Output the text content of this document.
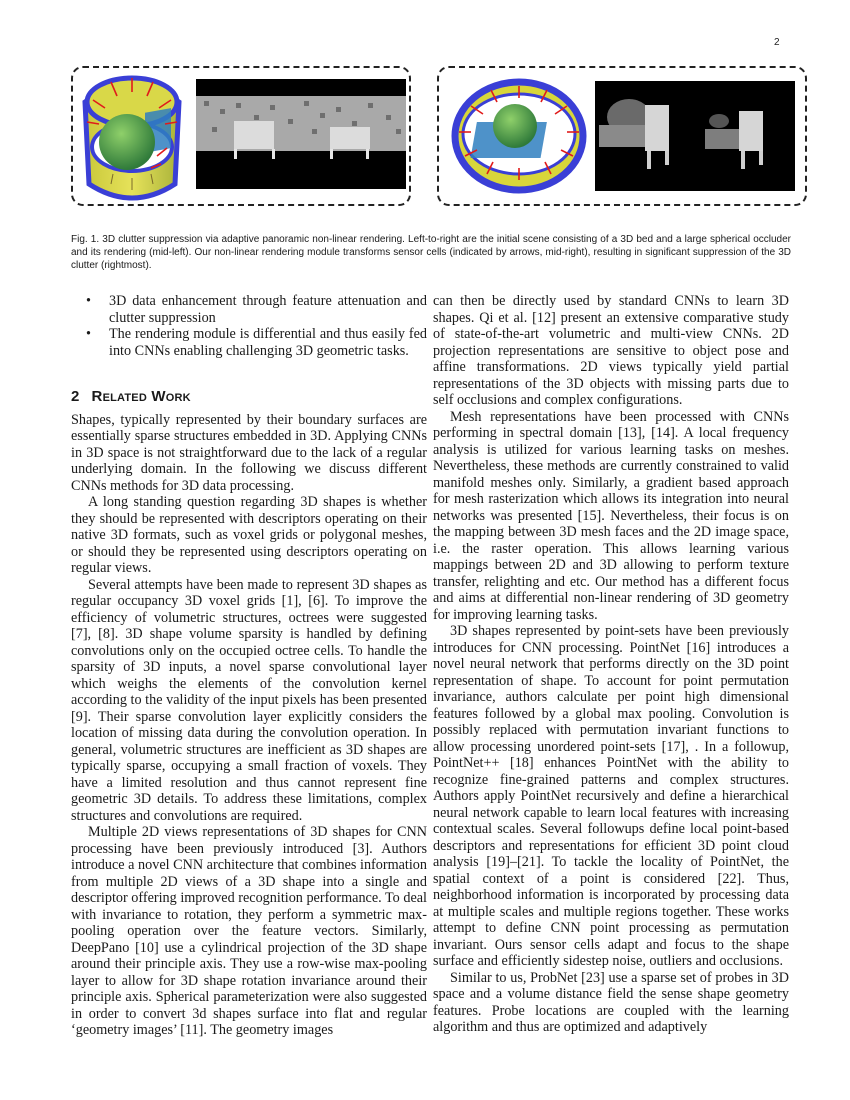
2
Fig. 1. 3D clutter suppression via adaptive panoramic non-linear rendering. Left-to-right are the initial scene consisting of a 3D bed and a large spherical occluder and its rendering (mid-left). Our non-linear rendering module transforms sensor cells (indicated by arrows, mid-right), resulting in significant suppression of the 3D clutter (rightmost).
• 3D data enhancement through feature attenuation and clutter suppression
• The rendering module is differential and thus easily fed into CNNs enabling challenging 3D geometric tasks.
2 Related Work

Shapes, typically represented by their boundary surfaces are essentially sparse structures embedded in 3D. Applying CNNs in 3D space is not straightforward due to the lack of a regular underlying domain. In the following we discuss different CNNs methods for 3D data processing.

A long standing question regarding 3D shapes is whether they should be represented with descriptors operating on their native 3D formats, such as voxel grids or polygonal meshes, or should they be represented using descriptors operating on regular views.

Several attempts have been made to represent 3D shapes as regular occupancy 3D voxel grids [1], [6]. To improve the efficiency of volumetric structures, octrees were suggested [7], [8]. 3D shape volume sparsity is handled by defining convolutions only on the occupied octree cells. To handle the sparsity of 3D inputs, a novel sparse convolutional layer which weighs the elements of the convolution kernel according to the validity of the input pixels has been presented [9]. Their sparse convolution layer explicitly considers the location of missing data during the convolution operation. In general, volumetric structures are inefficient as 3D shapes are typically sparse, occupying a small fraction of voxels. They have a limited resolution and thus cannot represent fine geometric 3D details. To address these limitations, complex structures and convolutions are required.

Multiple 2D views representations of 3D shapes for CNN processing have been previously introduced [3]. Authors introduce a novel CNN architecture that combines information from multiple 2D views of a 3D shape into a single and descriptor offering improved recognition performance. To deal with invariance to rotation, they perform a symmetric max-pooling operation over the feature vectors. Similarly, DeepPano [10] use a cylindrical projection of the 3D shape around their principle axis. They use a row-wise max-pooling layer to allow for 3D shape rotation invariance around their principle axis. Spherical parameterization were also suggested in order to convert 3d shapes surface into flat and regular ‘geometry images’ [11]. The geometry images

can then be directly used by standard CNNs to learn 3D shapes. Qi et al. [12] present an extensive comparative study of state-of-the-art volumetric and multi-view CNNs. 2D projection representations are sensitive to object pose and affine transformations. 2D views typically yield partial representations of the 3D objects with missing parts due to self occlusions and complex configurations.

Mesh representations have been processed with CNNs performing in spectral domain [13], [14]. A local frequency analysis is utilized for various learning tasks on meshes. Nevertheless, these methods are currently constrained to valid manifold meshes only. Similarly, a gradient based approach for mesh rasterization which allows its integration into neural networks was presented [15]. Nevertheless, their focus is on the mapping between 3D mesh faces and the 2D image space, i.e. the raster operation. This allows learning various mappings between 2D and 3D allowing to perform texture transfer, relighting and etc. Our method has a different focus and aims at differential non-linear rendering of 3D geometry for improving learning tasks.

3D shapes represented by point-sets have been previously introduces for CNN processing. PointNet [16] introduces a novel neural network that performs directly on the 3D point representation of shape. To account for point permutation invariance, authors calculate per point high dimensional features followed by a global max pooling. Convolution is possibly replaced with permutation invariant functions to allow processing unordered point-sets [17], . In a followup, PointNet++ [18] enhances PointNet with the ability to recognize fine-grained patterns and complex structures. Authors apply PointNet recursively and define a hierarchical neural network capable to learn local features with increasing contextual scales. Several followups define local point-based descriptors and representations for efficient 3D point cloud analysis [19]–[21]. To tackle the locality of PointNet, the spatial context of a point is considered [22]. Thus, neighborhood information is incorporated by processing data at multiple scales and multiple regions together. These works attempt to define CNN point processing as permutation invariant. Ours sensor cells adapt and focus to the shape surface and efficiently sidestep noise, outliers and occlusions.

Similar to us, ProbNet [23] use a sparse set of probes in 3D space and a volume distance field the sense shape geometry features. Probe locations are coupled with the learning algorithm and thus are optimized and adaptively
